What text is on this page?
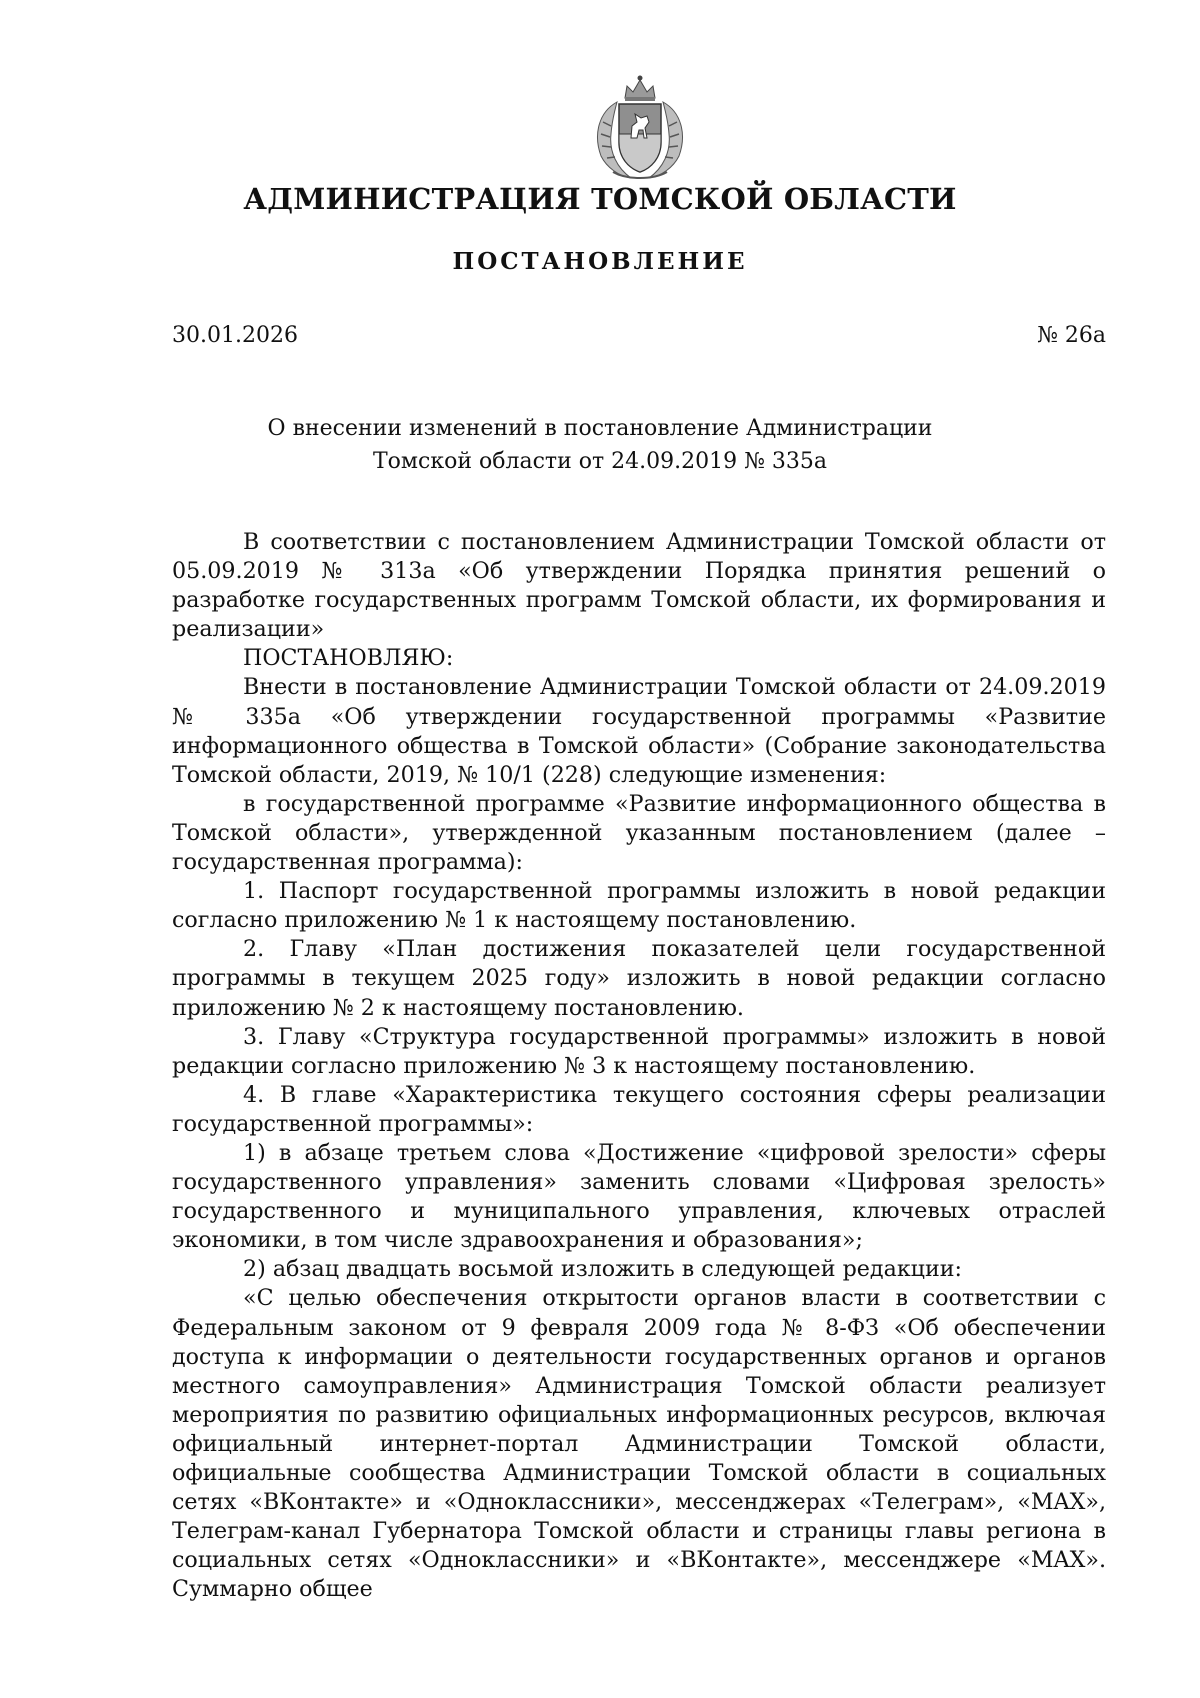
АДМИНИСТРАЦИЯ ТОМСКОЙ ОБЛАСТИ
ПОСТАНОВЛЕНИЕ
30.01.2026	№ 26а
О внесении изменений в постановление Администрации
Томской области от 24.09.2019 № 335а

В соответствии с постановлением Администрации Томской области от 05.09.2019 № 313а «Об утверждении Порядка принятия решений о разработке государственных программ Томской области, их формирования и реализации»

ПОСТАНОВЛЯЮ:

Внести в постановление Администрации Томской области от 24.09.2019 № 335а «Об утверждении государственной программы «Развитие информационного общества в Томской области» (Собрание законодательства Томской области, 2019, № 10/1 (228) следующие изменения:

в государственной программе «Развитие информационного общества в Томской области», утвержденной указанным постановлением (далее – государственная программа):

1. Паспорт государственной программы изложить в новой редакции согласно приложению № 1 к настоящему постановлению.

2. Главу «План достижения показателей цели государственной программы в текущем 2025 году» изложить в новой редакции согласно приложению № 2 к настоящему постановлению.

3. Главу «Структура государственной программы» изложить в новой редакции согласно приложению № 3 к настоящему постановлению.

4. В главе «Характеристика текущего состояния сферы реализации государственной программы»:

1) в абзаце третьем слова «Достижение «цифровой зрелости» сферы государственного управления» заменить словами «Цифровая зрелость» государственного и муниципального управления, ключевых отраслей экономики, в том числе здравоохранения и образования»;

2) абзац двадцать восьмой изложить в следующей редакции:

«С целью обеспечения открытости органов власти в соответствии с Федеральным законом от 9 февраля 2009 года № 8-ФЗ «Об обеспечении доступа к информации о деятельности государственных органов и органов местного самоуправления» Администрация Томской области реализует мероприятия по развитию официальных информационных ресурсов, включая официальный интернет-портал Администрации Томской области, официальные сообщества Администрации Томской области в социальных сетях «ВКонтакте» и «Одноклассники», мессенджерах «Телеграм», «MAX», Телеграм-канал Губернатора Томской области и страницы главы региона в социальных сетях «Одноклассники» и «ВКонтакте», мессенджере «MAX». Суммарно общее
